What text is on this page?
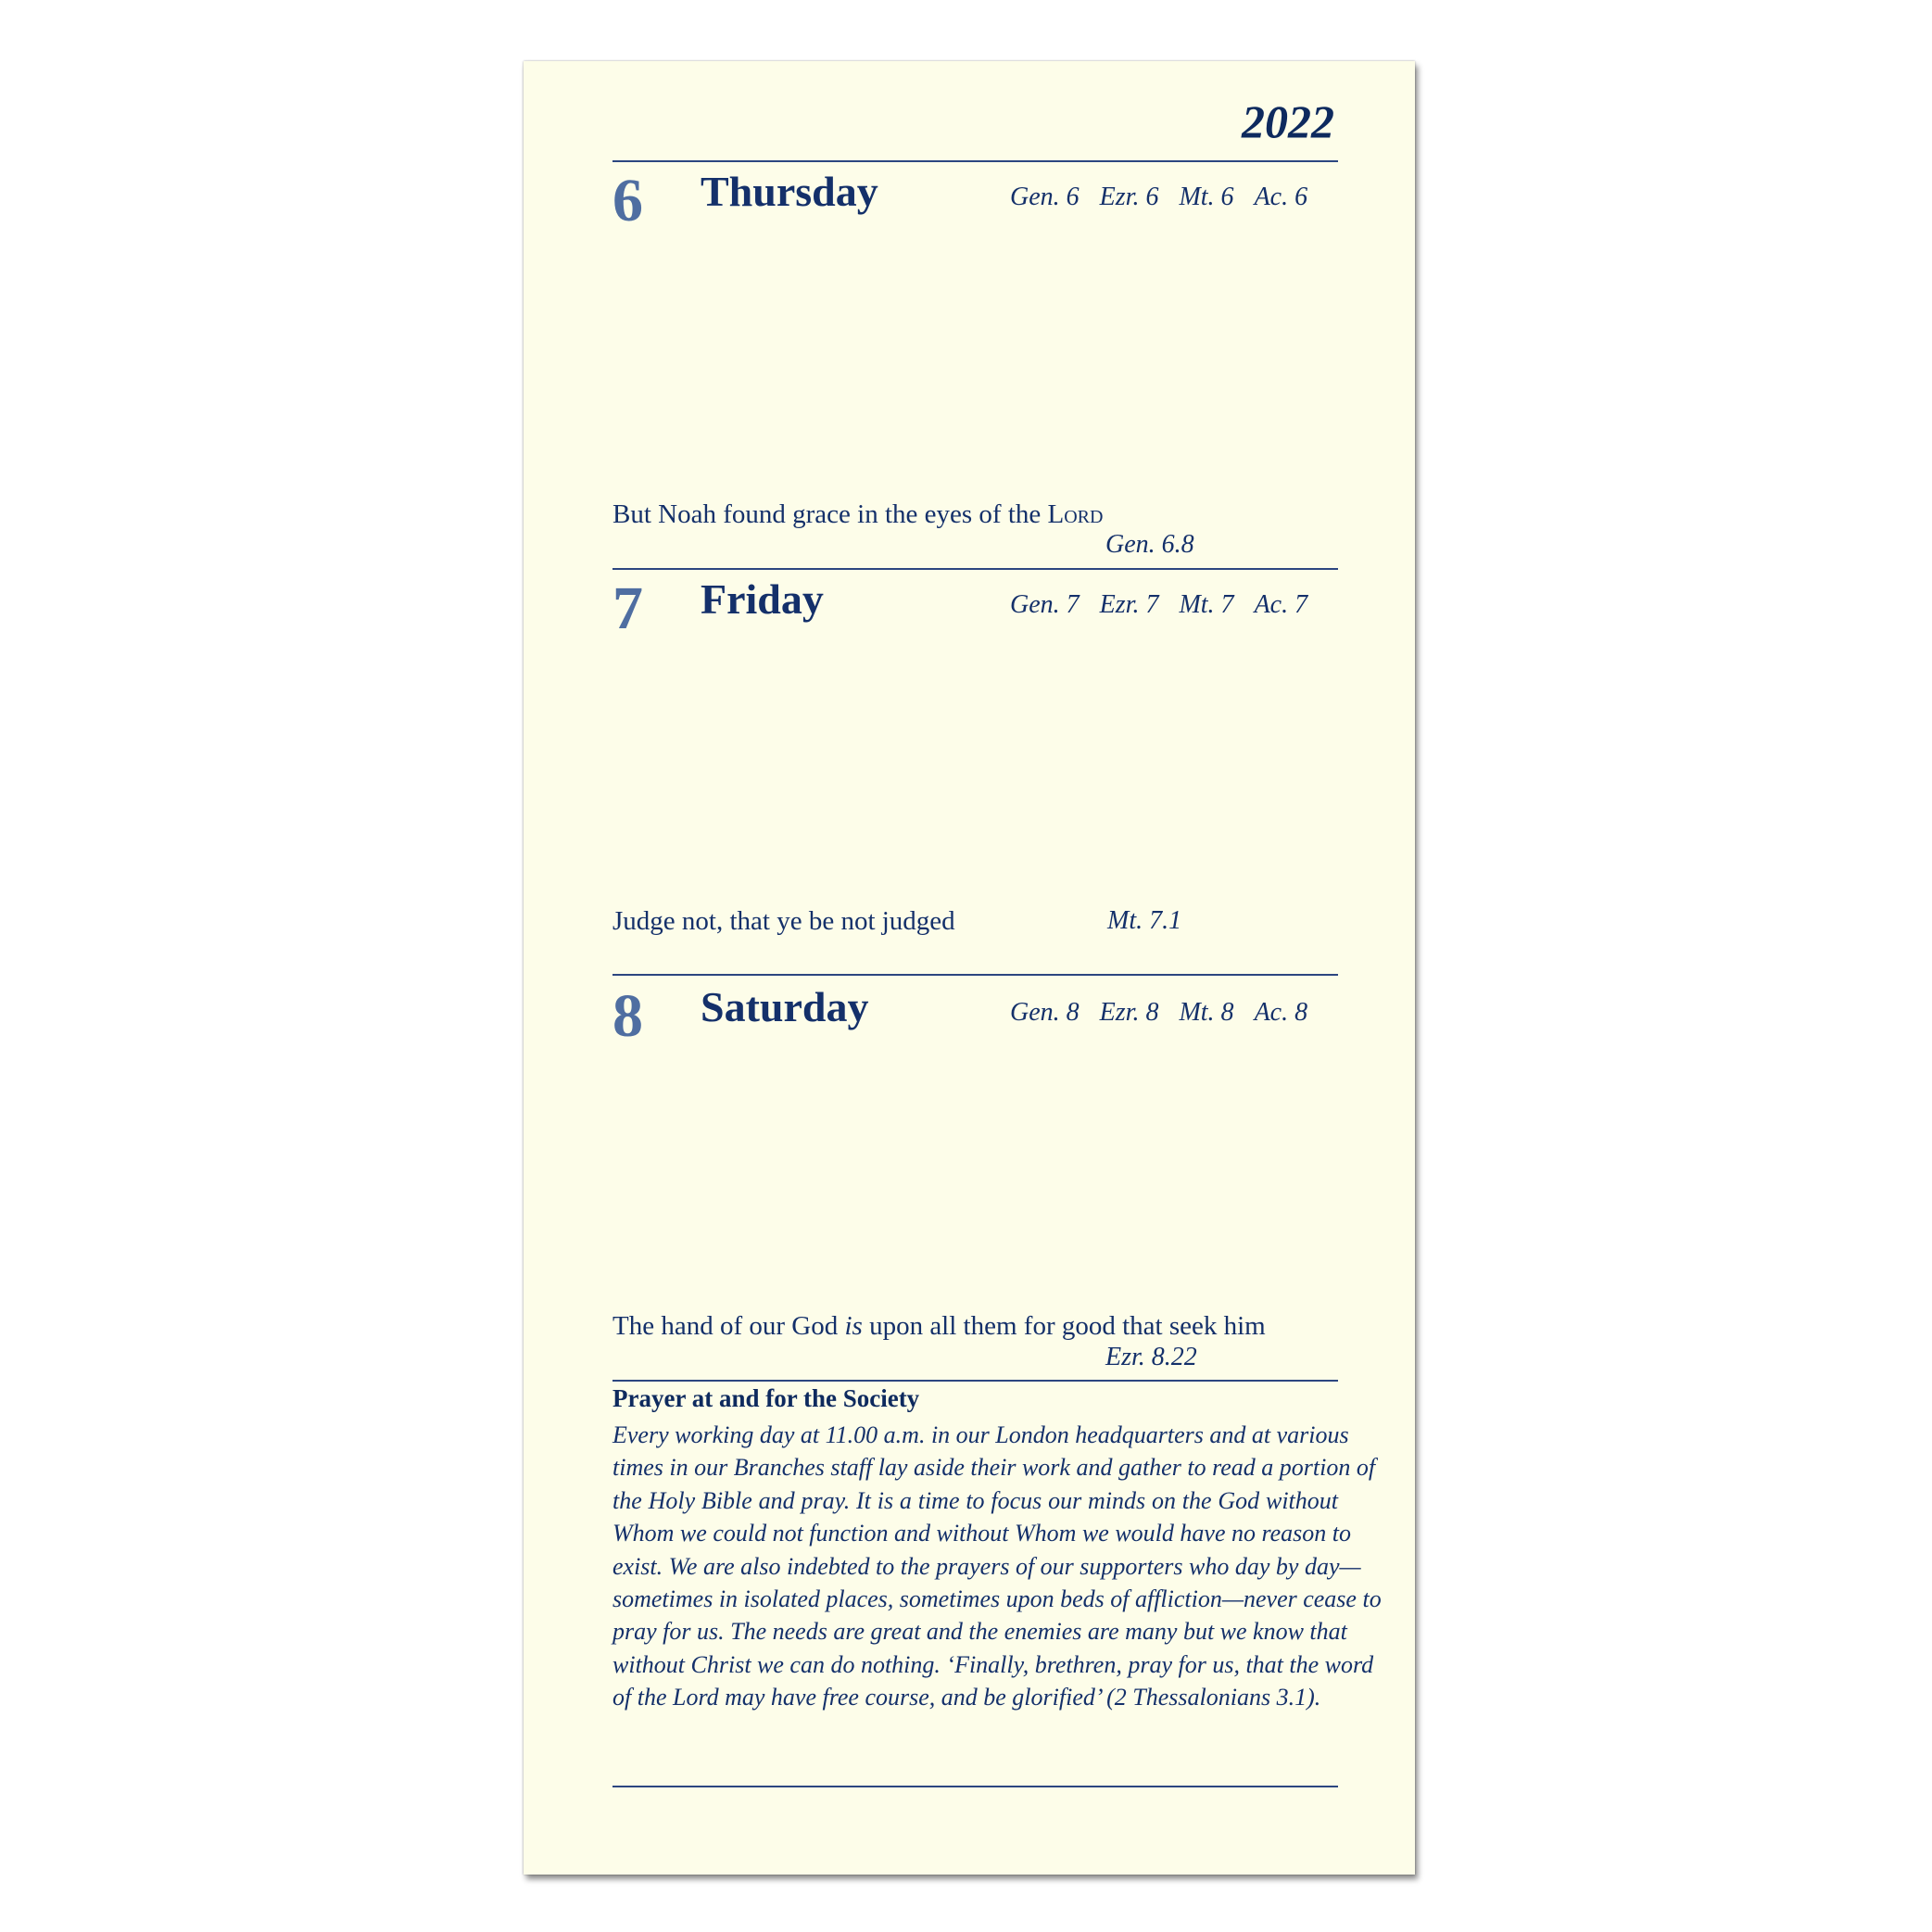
2022
6 Thursday	Gen. 6 Ezr. 6 Mt. 6 Ac. 6
But Noah found grace in the eyes of the Lord
Gen. 6.8
7 Friday	Gen. 7 Ezr. 7 Mt. 7 Ac. 7
Judge not, that ye be not judged	Mt. 7.1
8 Saturday	Gen. 8 Ezr. 8 Mt. 8 Ac. 8
The hand of our God is upon all them for good that seek him
Ezr. 8.22
Prayer at and for the Society
Every working day at 11.00 a.m. in our London headquarters and at various
times in our Branches staff lay aside their work and gather to read a portion of
the Holy Bible and pray. It is a time to focus our minds on the God without
Whom we could not function and without Whom we would have no reason to
exist. We are also indebted to the prayers of our supporters who day by day—
sometimes in isolated places, sometimes upon beds of affliction—never cease to
pray for us. The needs are great and the enemies are many but we know that
without Christ we can do nothing. ‘Finally, brethren, pray for us, that the word
of the Lord may have free course, and be glorified’ (2 Thessalonians 3.1).
